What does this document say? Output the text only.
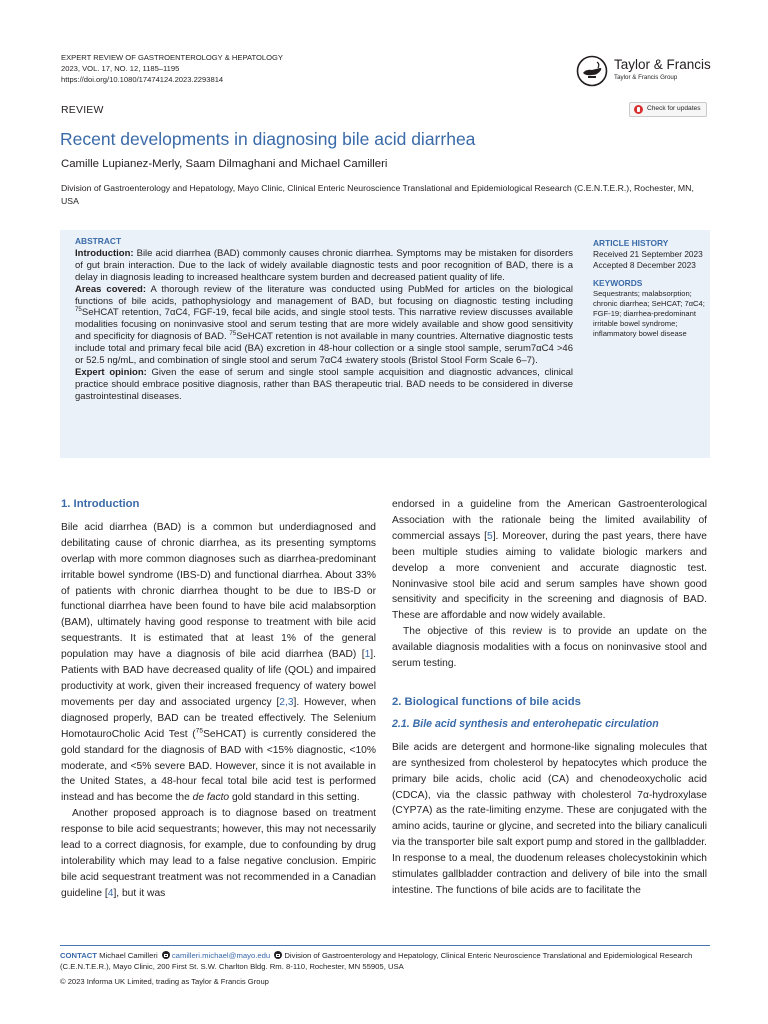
EXPERT REVIEW OF GASTROENTEROLOGY & HEPATOLOGY
2023, VOL. 17, NO. 12, 1185–1195
https://doi.org/10.1080/17474124.2023.2293814
Taylor & Francis
Taylor & Francis Group
REVIEW	Check for updates
Recent developments in diagnosing bile acid diarrhea
Camille Lupianez-Merly, Saam Dilmaghani and Michael Camilleri
Division of Gastroenterology and Hepatology, Mayo Clinic, Clinical Enteric Neuroscience Translational and Epidemiological Research (C.E.N.T.E.R.), Rochester, MN, USA
ABSTRACT

Introduction: Bile acid diarrhea (BAD) commonly causes chronic diarrhea. Symptoms may be mistaken for disorders of gut brain interaction. Due to the lack of widely available diagnostic tests and poor recognition of BAD, there is a delay in diagnosis leading to increased healthcare system burden and decreased patient quality of life.

Areas covered: A thorough review of the literature was conducted using PubMed for articles on the biological functions of bile acids, pathophysiology and management of BAD, but focusing on diagnostic testing including $^{75}$SeHCAT retention, 7αC4, FGF-19, fecal bile acids, and single stool tests. This narrative review discusses available modalities focusing on noninvasive stool and serum testing that are more widely available and show good sensitivity and specificity for diagnosis of BAD. $^{75}$SeHCAT retention is not available in many countries. Alternative diagnostic tests include total and primary fecal bile acid (BA) excretion in 48-hour collection or a single stool sample, serum7αC4 >46 or 52.5 ng/mL, and combination of single stool and serum 7αC4 ±watery stools (Bristol Stool Form Scale 6–7).

Expert opinion: Given the ease of serum and single stool sample acquisition and diagnostic advances, clinical practice should embrace positive diagnosis, rather than BAS therapeutic trial. BAD needs to be considered in diverse gastrointestinal diseases.

ARTICLE HISTORY
Received 21 September 2023
Accepted 8 December 2023
KEYWORDS
Sequestrants; malabsorption; chronic diarrhea; SeHCAT; 7αC4; FGF-19; diarrhea-predominant irritable bowel syndrome; inflammatory bowel disease
1. Introduction

Bile acid diarrhea (BAD) is a common but underdiagnosed and debilitating cause of chronic diarrhea, as its presenting symptoms overlap with more common diagnoses such as diarrhea-predominant irritable bowel syndrome (IBS-D) and functional diarrhea. About 33% of patients with chronic diarrhea thought to be due to IBS-D or functional diarrhea have been found to have bile acid malabsorption (BAM), ultimately having good response to treatment with bile acid sequestrants. It is estimated that at least 1% of the general population may have a diagnosis of bile acid diarrhea (BAD) [1]. Patients with BAD have decreased quality of life (QOL) and impaired productivity at work, given their increased frequency of watery bowel movements per day and associated urgency [2,3]. However, when diagnosed properly, BAD can be treated effectively. The Selenium HomotauroCholic Acid Test ($^{75}$SeHCAT) is currently considered the gold standard for the diagnosis of BAD with <15% diagnostic, <10% moderate, and <5% severe BAD. However, since it is not available in the United States, a 48-hour fecal total bile acid test is performed instead and has become the de facto gold standard in this setting.

Another proposed approach is to diagnose based on treatment response to bile acid sequestrants; however, this may not necessarily lead to a correct diagnosis, for example, due to confounding by drug intolerability which may lead to a false negative conclusion. Empiric bile acid sequestrant treatment was not recommended in a Canadian guideline [4], but it was

endorsed in a guideline from the American Gastroenterological Association with the rationale being the limited availability of commercial assays [5]. Moreover, during the past years, there have been multiple studies aiming to validate biologic markers and develop a more convenient and accurate diagnostic test. Noninvasive stool bile acid and serum samples have shown good sensitivity and specificity in the screening and diagnosis of BAD. These are affordable and now widely available.

The objective of this review is to provide an update on the available diagnosis modalities with a focus on noninvasive stool and serum testing.

2. Biological functions of bile acids
2.1. Bile acid synthesis and enterohepatic circulation

Bile acids are detergent and hormone-like signaling molecules that are synthesized from cholesterol by hepatocytes which produce the primary bile acids, cholic acid (CA) and chenodeoxycholic acid (CDCA), via the classic pathway with cholesterol 7α-hydroxylase (CYP7A) as the rate-limiting enzyme. These are conjugated with the amino acids, taurine or glycine, and secreted into the biliary canaliculi via the transporter bile salt export pump and stored in the gallbladder. In response to a meal, the duodenum releases cholecystokinin which stimulates gallbladder contraction and delivery of bile into the small intestine. The functions of bile acids are to facilitate the

CONTACT Michael Camilleri camilleri.michael@mayo.edu Division of Gastroenterology and Hepatology, Clinical Enteric Neuroscience Translational and Epidemiological Research (C.E.N.T.E.R.), Mayo Clinic, 200 First St. S.W. Charlton Bldg. Rm. 8-110, Rochester, MN 55905, USA
© 2023 Informa UK Limited, trading as Taylor & Francis Group
